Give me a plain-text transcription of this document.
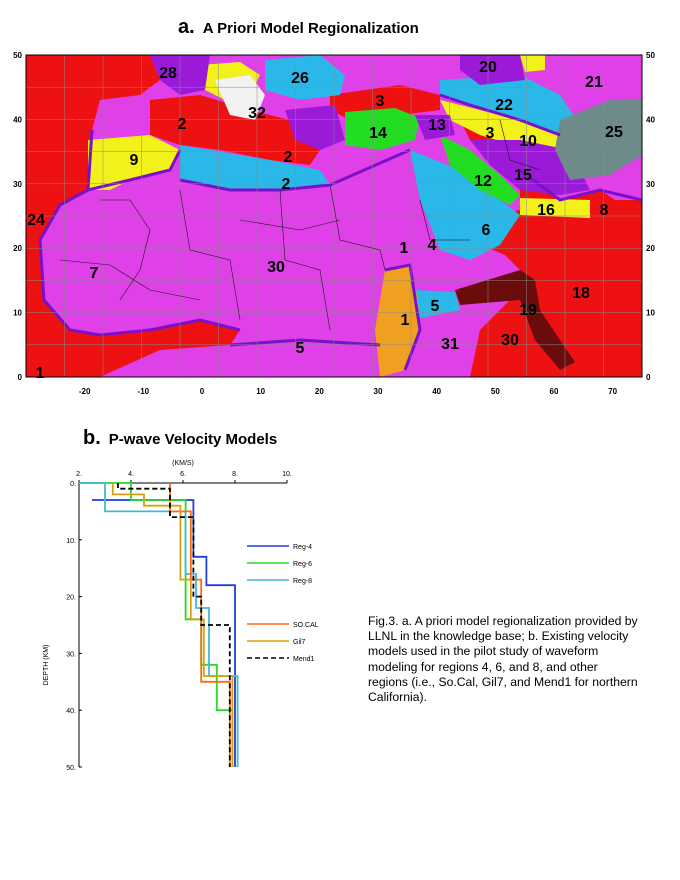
a. A Priori Model Regionalization
b. P-wave Velocity Models
-20	-10	0	10	20	30	40	50	60	70
50
40
30
20
10
0
50
40
30
20
10
0
28	20
21
26
3	22
2
32
2
14	13 3 10
25
2
9
12 15
8
16
24
1 4
6
7	30
5
18
1
19
31
5	30
1
(KM/S)
2.	4.	6.	8.	10.
0.
10.
20.
30.
40.
50.
DEPTH (KM)
Reg-4
Reg-6
Reg-8
SO.CAL
Gil7
Mend1
Fig.3. a. A priori model regionalization provided by LLNL in the knowledge base; b. Existing velocity models used in the pilot study of waveform modeling for regions 4, 6, and 8, and other regions (i.e., So.Cal, Gil7, and Mend1 for northern California).
